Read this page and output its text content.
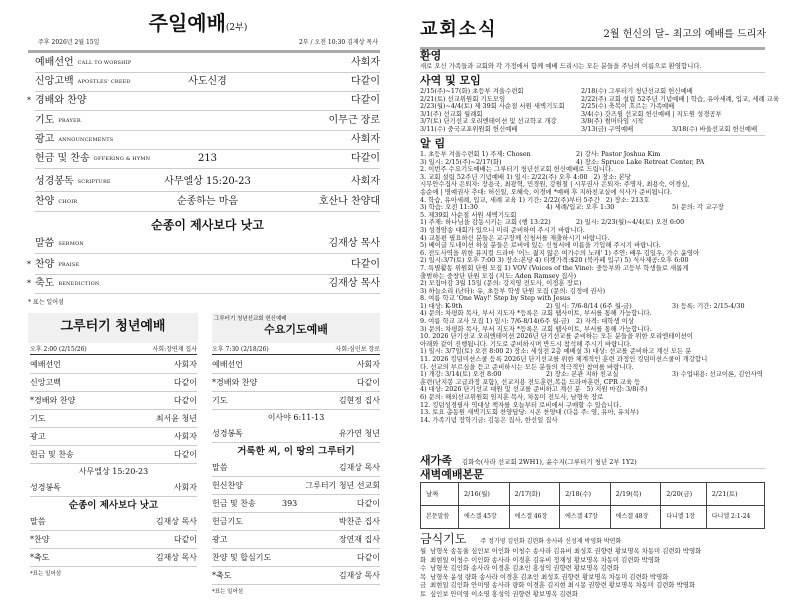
주일예배(2부)
주후 2026년 2월 15일	2부 / 오전 10:30 김재상 목사
예배선언 CALL TO WORSHIP	사회자
신앙고백 APOSTLES' CREED	사도신경	다같이
* 경배와 찬양	다같이
기도 PRAYER	이무근 장로
광고 ANNOUNCEMENTS	사회자
헌금 및 찬송 OFFERING & HYMN	213	다같이
성경봉독 SCRIPTURE	사무엘상 15:20-23	사회자
찬양 CHOIR	순종하는 마음	호산나 찬양대
순종이 제사보다 낫고
말씀 SERMON	김재상 목사
* 찬양 PRAISE	다같이
* 축도 BENEDICTION	김재상 목사
* 표는 일어섬
그루터기 청년예배	그루터기 청년선교회 헌신예배
수요기도예배
오후 2:00 (2/15/26)	사회:장연재 집사
예배선언	사회자
신앙고백	다같이
*경배와 찬양	다같이
기도	최서윤 청년
광고	사회자
헌금 및 찬송	다같이
사무엘상 15:20-23
성경봉독	사회자
순종이 제사보다 낫고
말씀	김재상 목사
*찬양	다같이
*축도	김재상 목사
*표는 일어섬
오후 7:30 (2/18/26)	사회:심인보 장로
예배선언	사회자
*경배와 찬양	다같이
기도	김현정 집사
이사야 6:11-13
성경봉독	유가연 청년
거룩한 씨, 이 땅의 그루터기
말씀	김재상 목사
헌신찬양	그루터기 청년 선교회
헌금 및 찬송	393	다같이
헌금기도	박찬준 집사
광고	장연재 집사
찬양 및 합심기도	다같이
*축도	김재상 목사
*표는 일어섬
교회소식	2월 헌신의 달– 최고의 예배를 드리자
환영
새로 오신 가족들과 교회와 각 가정에서 함께 예배 드리시는 모든 분들을 주님의 이름으로 환영합니다.
사역 및 모임
2/15(주)~17(화) 초등부 겨울수련회	2/18(수) 그루터기 청년선교회 헌신예배
2/21(토) 선교위원회 기도모임	2/22(주) 교회 설립 52주년 기념예배 | 학습, 유아세례, 입교, 세례 교육
2/23(월)~4/4(토) 제 39회 사순절 서원 새벽기도회	2/25(수) 축복이 흐르는 가족예배
3/1(주) 선교회 월례회	3/4(수) 갓즈윌 선교회 헌신예배 | 지도원 성경공부
3/7(토) 단기선교 오리엔테이션 및 선교학교 개강	3/8(주) 썸머타임 시작
3/11(수) 중국교포위원회 헌신예배	3/13(금) 구역예배	3/18(수) 바울선교회 헌신예배
알 림
1. 초등부 겨울수련회 1) 주제: Chosen	2) 강사: Pastor Joshua Kim
3) 일시: 2/15(주)~2/17(화)	4) 장소: Spruce Lake Retreat Center, PA
2. 이번주 수요기도예배는 그루터기 청년선교회 헌신예배로 드립니다.
3. 교회 설립 52주년 기념예배 1) 일시: 2/22(주) 오후 4:00 2) 장소: 본당
시무안수집사 은퇴자: 장용국, 최광혁, 민경원, 강원철 | 시무권사 은퇴자: 주명자, 최용숙, 이경심,
송순애 | 명예권사 추대: 허신일, 오혜숙, 이경애 *예배 후 지하친교실에 식사가 준비됩니다.
4. 학습, 유아세례, 입교, 세례 교육 1) 기간: 2/22(주)부터 5주간 2) 장소: 213호
3) 학습: 오전 11:30	4) 세례/입교: 오후 1:30	5) 문의: 각 교구장
5. 제39회 사순절 서원 새벽기도회
1) 주제: 하나님을 감동시키는 교회 (행 13:22)	2) 일시: 2/23(월)~4/4(토) 오전 6:00
3) 성경암송 대회가 있으니 미리 준비하여 주시기 바랍니다.
4) 교통편 필요하신 분들은 교구장께 신청서를 제출하시기 바랍니다.
5) 베이글 도네이션 하실 분들은 로비에 있는 신청서에 이름을 기입해 주시기 바랍니다.
6. 전도사역을 위한 뮤지컬 드라마 '어느 젊지 않은 여가수의 노래' 1) 주연: 배우 김일우, 가수 윤영아
2) 일시:3/7(토) 오후 7:00 3) 장소:본당 4) 티켓가격:$20 (북카페 입구) 5) 식사제공:오후 6:00
7. 특별활동 위원회 단원 모집 1) VOV (Voices of the Vine): 중등부와 고등부 학생들로 새롭게
출범하는 중창단 단원 모집 (지도: Aden Ramsey 집사)
2) 모집마감 3월 15일 (문의: 강지영 전도사, 이정훈 장로)
3) 하늘소리 (난타): 유, 초등부 학생 단원 모집 (문의: 김정애 권사)
8. 여름 학교 'One Way!' Step by Step with Jesus
1) 대상: K-9th	2) 일시: 7/6-8/14 (6주 월-금)	3) 등록: 기간: 2/15-4/30
4) 문의: 차평화 목사, 부서 지도자 *등록은 교회 웹사이트, 부서를 통해 가능합니다.
9. 여름 학교 교사 모집 1) 일시: 7/6-8/14(6주 월-금) 2) 자격: 대학생 이상
3) 문의: 차평화 목사, 부서 지도자 *등록은 교회 웹사이트, 부서를 통해 가능합니다.
10. 2026 단기선교 오리엔테이션 2026년 단기선교를 준비하는 모든 분들을 위한 오리엔테이션이
아래와 같이 진행됩니다. 기도로 준비하시며 반드시 참석해 주시기 바랍니다.
1) 일시: 3/7일(토) 오전 8:00 2) 장소: 세성전 2층 예배실 3) 대상: 선교를 준비하고 계신 모든 분
11. 2026 킹덤미션스쿨 등록 2026년 단기선교를 위한 체계적인 훈련 과정인 킹덤미션스쿨이 개강합니
다. 선교의 부르심을 듣고 준비하시는 모든 분들의 적극적인 참여를 바랍니다.
1) 개강: 3/14(토) 오전 8:00	2) 장소: 본관 지하 친교실	3) 수업내용: 선교이론, 김인사역
훈련(난지봉 고급과정 포함), 선교지용 전도훈련,복음 드라마훈련, CPR 교육 등
4) 대상: 2026 단기선교 대원 및 선교를 준비하고 계신 분 5) 지원 마감: 3/8(주)
6) 문의: 해외선교위원회 임지훈 목사, 차동미 전도사, 남형욱 장로
12. 킹덤성경필사 역대상 책자를 오늘부터 로비에서 구매할 수 있습니다.
13. 토요 총동원 새벽기도회 찬양담당: 시온 찬양대 (다음 주: 영, 유아, 유치부)
14. 가족기념 장학기금: 김동은 집사, 한선일 집사
새가족 김화숙(사라 선교회 2WH1), 윤수지(그루터기 청년 2부 1Y2)
새벽예배본문
날짜	2/16(월)	2/17(화)	2/18(수)	2/19(목)	2/20(금)	2/21(토)
본문말씀	에스겔 45장	에스겔 46장	에스겔 47장	에스겔 48장	다니엘 1장	다니엘 2:1-24
금식기도 주 정기영 김인화 김련화 송사라 신성재 박영화 박연화
월 남형욱 송동율 심인보 이인화 이청수 송사라 김유비 최성호 권향련 황보명옥 차동미 김련화 박영화
화 최현일 이청수 이인화 송사라 이경훈 김유비 정재성 황보명옥 차동미 김련화 박영화
수 남형욱 김인화 송사라 이경훈 김초인 홍성익 권향련 황보명옥 김련화
목 남형욱 윤성 량화 송사라 이경훈 김초인 최성호 권향련 황보명옥 차동미 김련화 박영화
금 최현일 김인화 안미영 송사라 량화 이경훈 김지현 최시몽 권향련 황보명옥 차동미 김련화 박영화
토 심인보 안미영 이소영 홍성익 권향련 황보명옥 김련화
